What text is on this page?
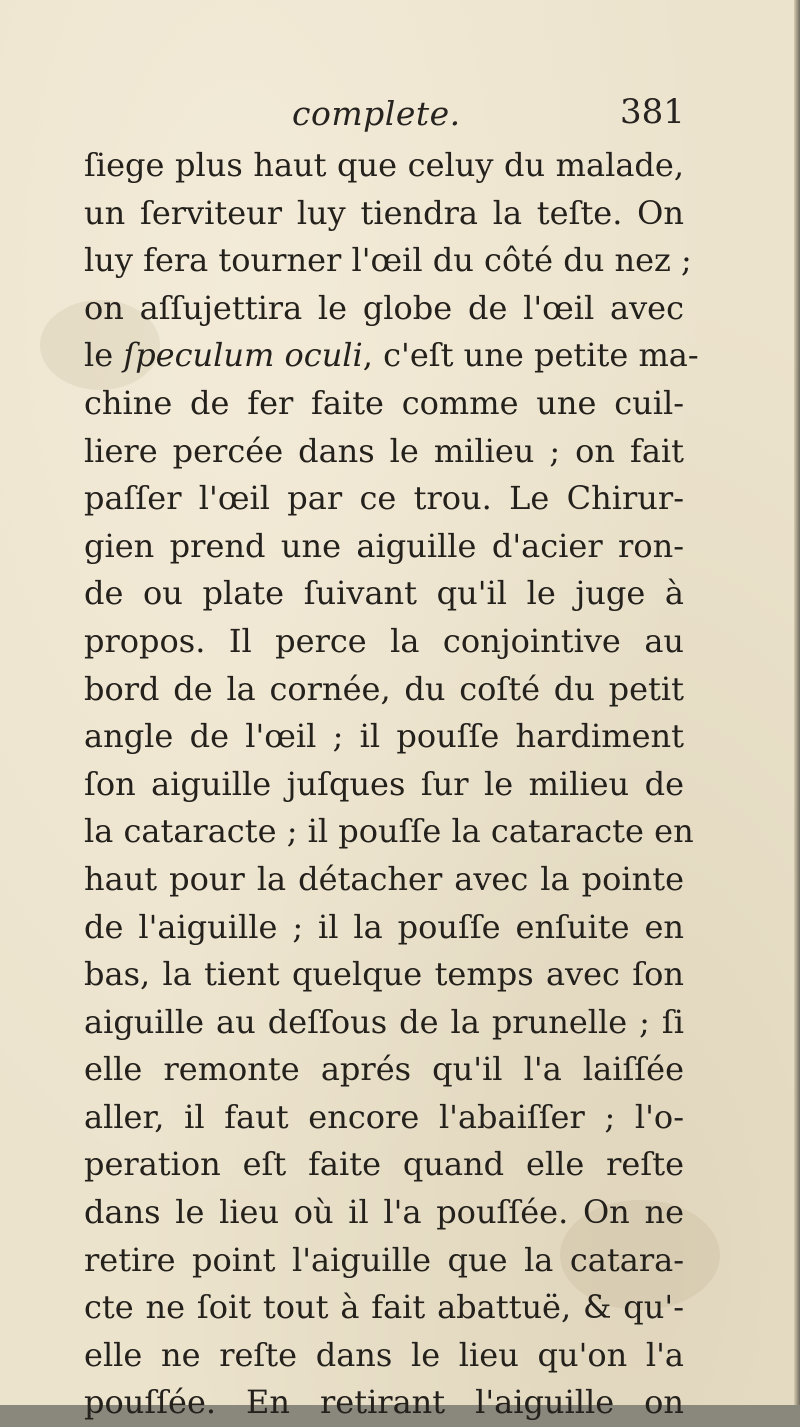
complete.	381
ſiege plus haut que celuy du malade,
un ſerviteur luy tiendra la teſte. On
luy fera tourner l'œil du côté du nez ;
on aſſujettira le globe de l'œil avec
le ſpeculum oculi, c'eſt une petite ma-
chine de fer faite comme une cuil-
liere percée dans le milieu ; on fait
paſſer l'œil par ce trou. Le Chirur-
gien prend une aiguille d'acier ron-
de ou plate ſuivant qu'il le juge à
propos. Il perce la conjointive au
bord de la cornée, du coſté du petit
angle de l'œil ; il pouſſe hardiment
ſon aiguille juſques ſur le milieu de
la cataracte ; il pouſſe la cataracte en
haut pour la détacher avec la pointe
de l'aiguille ; il la pouſſe enſuite en
bas, la tient quelque temps avec ſon
aiguille au deſſous de la prunelle ; ſi
elle remonte aprés qu'il l'a laiſſée
aller, il faut encore l'abaiſſer ; l'o-
peration eſt faite quand elle reſte
dans le lieu où il l'a pouſſée. On ne
retire point l'aiguille que la catara-
cte ne ſoit tout à fait abattuë, & qu'-
elle ne reſte dans le lieu qu'on l'a
pouſſée. En retirant l'aiguille on
